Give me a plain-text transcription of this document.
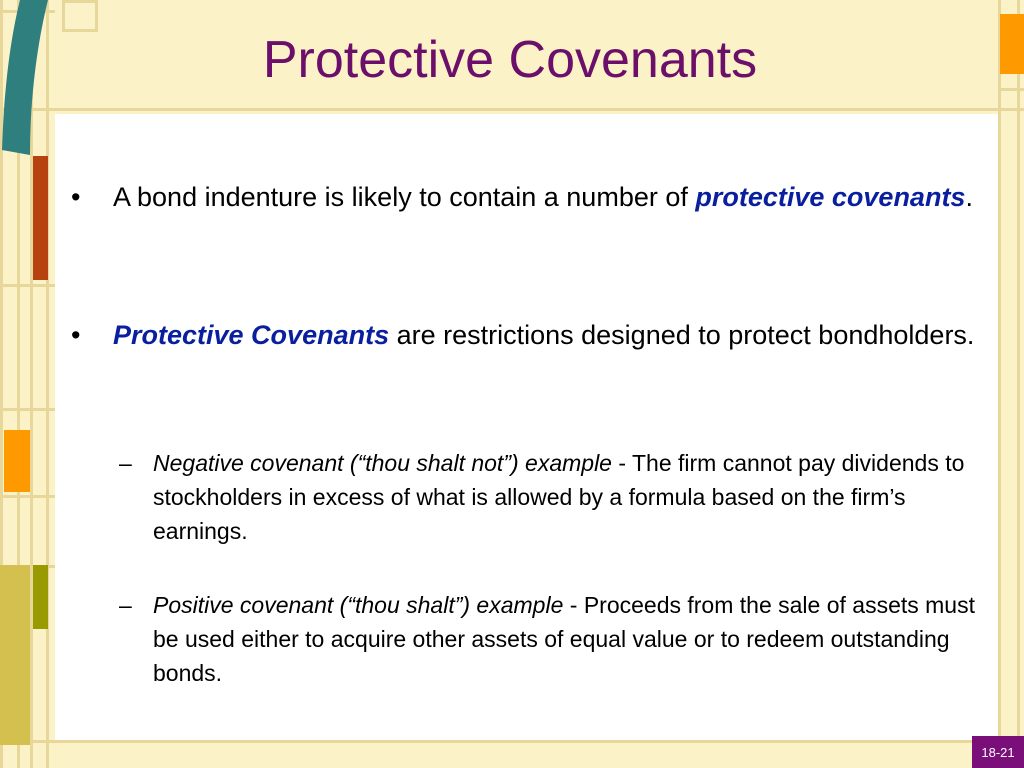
Protective Covenants
• A bond indenture is likely to contain a number of protective covenants.
• Protective Covenants are restrictions designed to protect bondholders.
– Negative covenant (“thou shalt not”) example - The firm cannot pay dividends to stockholders in excess of what is allowed by a formula based on the firm’s earnings.
– Positive covenant (“thou shalt”) example - Proceeds from the sale of assets must be used either to acquire other assets of equal value or to redeem outstanding bonds.
18-21
